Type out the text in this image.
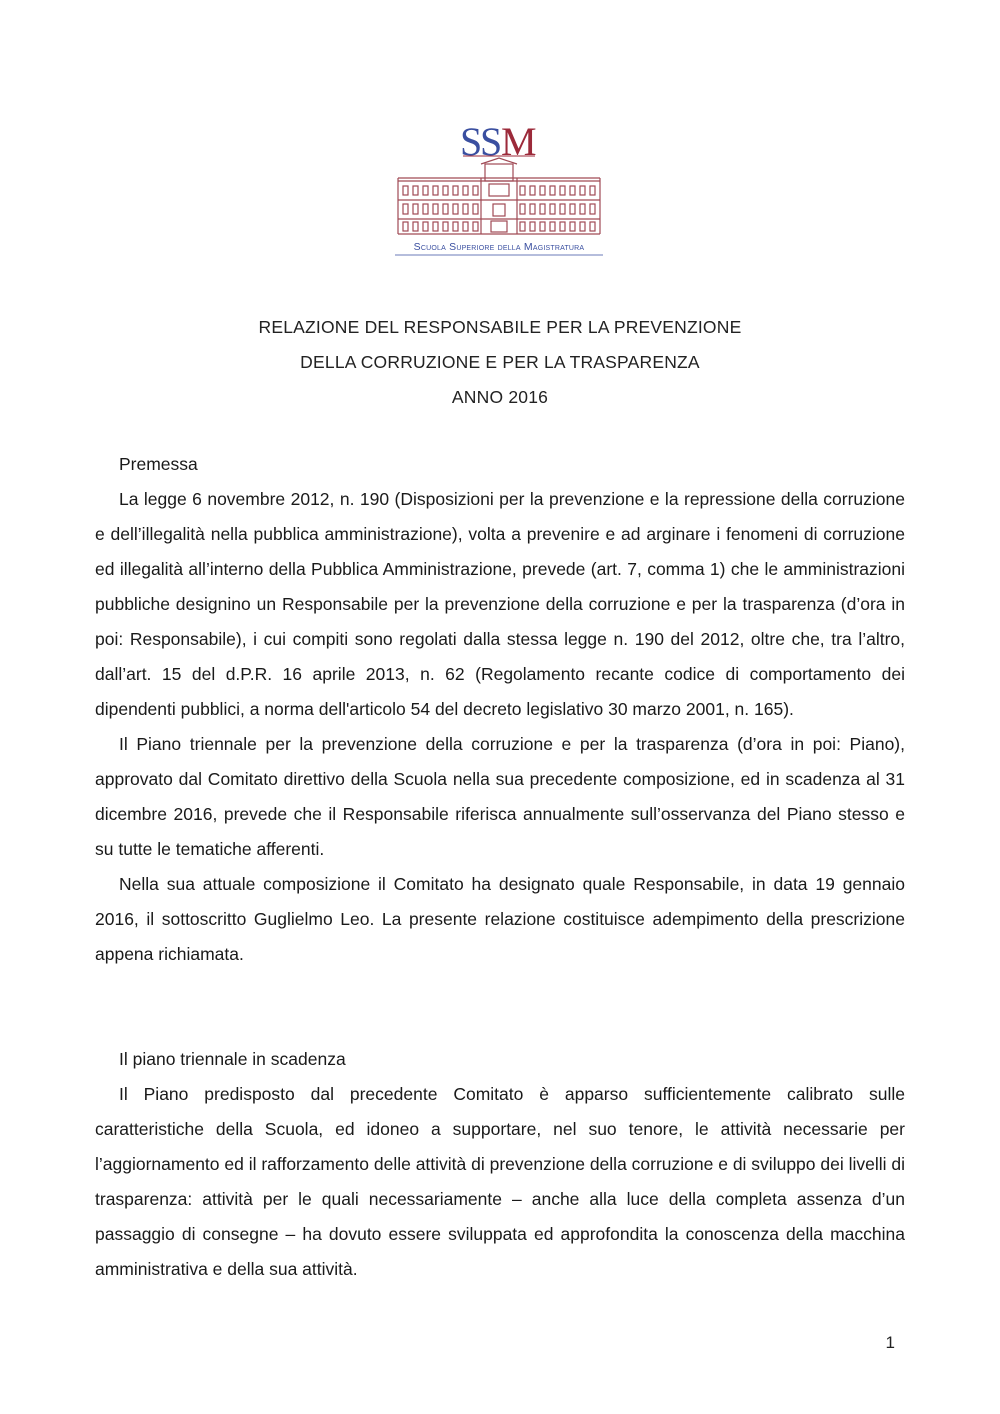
S
S M
Scuola Superiore della Magistratura

RELAZIONE DEL RESPONSABILE PER LA PREVENZIONE

DELLA CORRUZIONE E PER LA TRASPARENZA

ANNO 2016

Premessa

La legge 6 novembre 2012, n. 190 (Disposizioni per la prevenzione e la repressione della corruzione e dell’illegalità nella pubblica amministrazione), volta a prevenire e ad arginare i fenomeni di corruzione ed illegalità all’interno della Pubblica Amministrazione, prevede (art. 7, comma 1) che le amministrazioni pubbliche designino un Responsabile per la prevenzione della corruzione e per la trasparenza (d’ora in poi: Responsabile), i cui compiti sono regolati dalla stessa legge n. 190 del 2012, oltre che, tra l’altro, dall’art. 15 del d.P.R. 16 aprile 2013, n. 62 (Regolamento recante codice di comportamento dei dipendenti pubblici, a norma dell'articolo 54 del decreto legislativo 30 marzo 2001, n. 165).

Il Piano triennale per la prevenzione della corruzione e per la trasparenza (d’ora in poi: Piano), approvato dal Comitato direttivo della Scuola nella sua precedente composizione, ed in scadenza al 31 dicembre 2016, prevede che il Responsabile riferisca annualmente sull’osservanza del Piano stesso e su tutte le tematiche afferenti.

Nella sua attuale composizione il Comitato ha designato quale Responsabile, in data 19 gennaio 2016, il sottoscritto Guglielmo Leo. La presente relazione costituisce adempimento della prescrizione appena richiamata.

Il piano triennale in scadenza

Il Piano predisposto dal precedente Comitato è apparso sufficientemente calibrato sulle caratteristiche della Scuola, ed idoneo a supportare, nel suo tenore, le attività necessarie per l’aggiornamento ed il rafforzamento delle attività di prevenzione della corruzione e di sviluppo dei livelli di trasparenza: attività per le quali necessariamente – anche alla luce della completa assenza d’un passaggio di consegne – ha dovuto essere sviluppata ed approfondita la conoscenza della macchina amministrativa e della sua attività.

1
